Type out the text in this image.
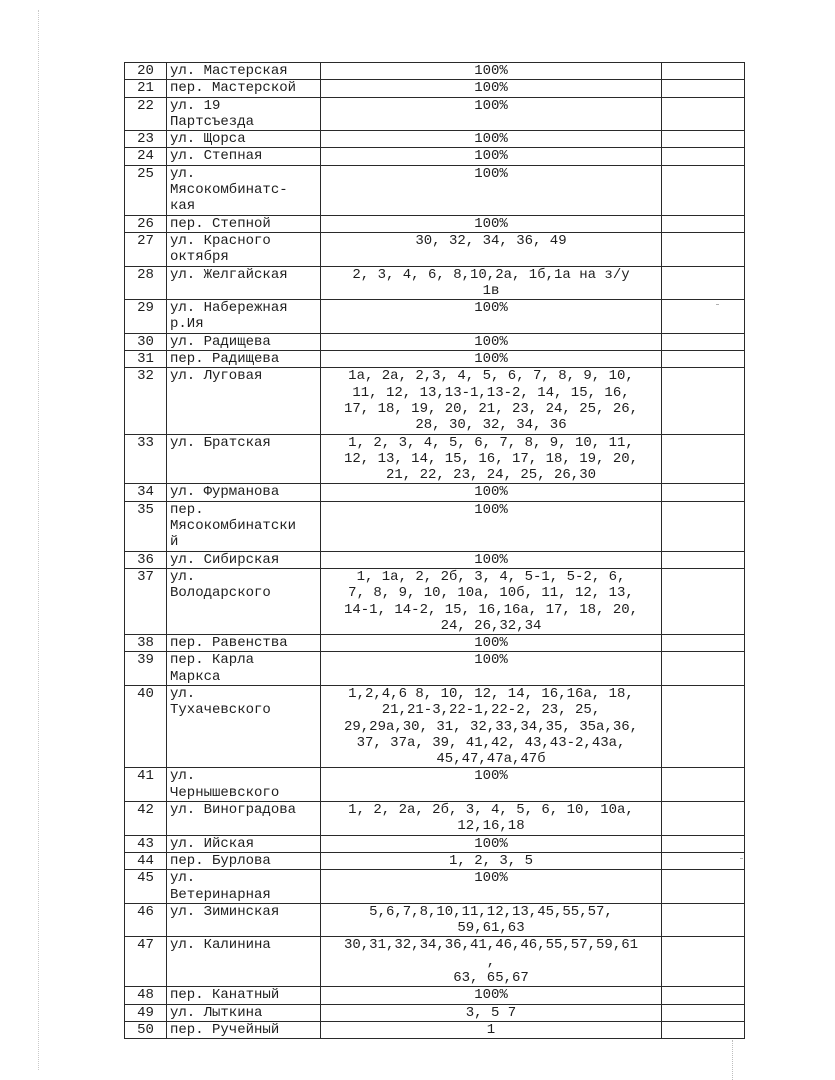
20	ул. Мастерская	100%	
21	пер. Мастерской	100%	
22	ул. 19
Партсъезда	100%	
23	ул. Щорса	100%	
24	ул. Степная	100%	
25	ул.
Мясокомбинатс-
кая	100%	
26	пер. Степной	100%	
27	ул. Красного
октября	30, 32, 34, 36, 49	
28	ул. Желгайская	2, 3, 4, 6, 8,10,2а, 1б,1а на з/у
1в	
29	ул. Набережная
р.Ия	100%	
30	ул. Радищева	100%	
31	пер. Радищева	100%	
32	ул. Луговая	1а, 2а, 2,3, 4, 5, 6, 7, 8, 9, 10,
11, 12, 13,13-1,13-2, 14, 15, 16,
17, 18, 19, 20, 21, 23, 24, 25, 26,
28, 30, 32, 34, 36	
33	ул. Братская	1, 2, 3, 4, 5, 6, 7, 8, 9, 10, 11,
12, 13, 14, 15, 16, 17, 18, 19, 20,
21, 22, 23, 24, 25, 26,30	
34	ул. Фурманова	100%	
35	пер.
Мясокомбинатски
й	100%	
36	ул. Сибирская	100%	
37	ул.
Володарского	1, 1а, 2, 2б, 3, 4, 5-1, 5-2, 6,
7, 8, 9, 10, 10а, 10б, 11, 12, 13,
14-1, 14-2, 15, 16,16а, 17, 18, 20,
24, 26,32,34	
38	пер. Равенства	100%	
39	пер. Карла
Маркса	100%	
40	ул.
Тухачевского	1,2,4,6 8, 10, 12, 14, 16,16а, 18,
21,21-3,22-1,22-2, 23, 25,
29,29а,30, 31, 32,33,34,35, 35а,36,
37, 37а, 39, 41,42, 43,43-2,43а,
45,47,47а,47б	
41	ул.
Чернышевского	100%	
42	ул. Виноградова	1, 2, 2а, 2б, 3, 4, 5, 6, 10, 10а,
12,16,18	
43	ул. Ийская	100%	
44	пер. Бурлова	1, 2, 3, 5	
45	ул.
Ветеринарная	100%	
46	ул. Зиминская	5,6,7,8,10,11,12,13,45,55,57,
59,61,63	
47	ул. Калинина	30,31,32,34,36,41,46,46,55,57,59,61
,
63, 65,67	
48	пер. Канатный	100%	
49	ул. Лыткина	3, 5 7	
50	пер. Ручейный	1	
